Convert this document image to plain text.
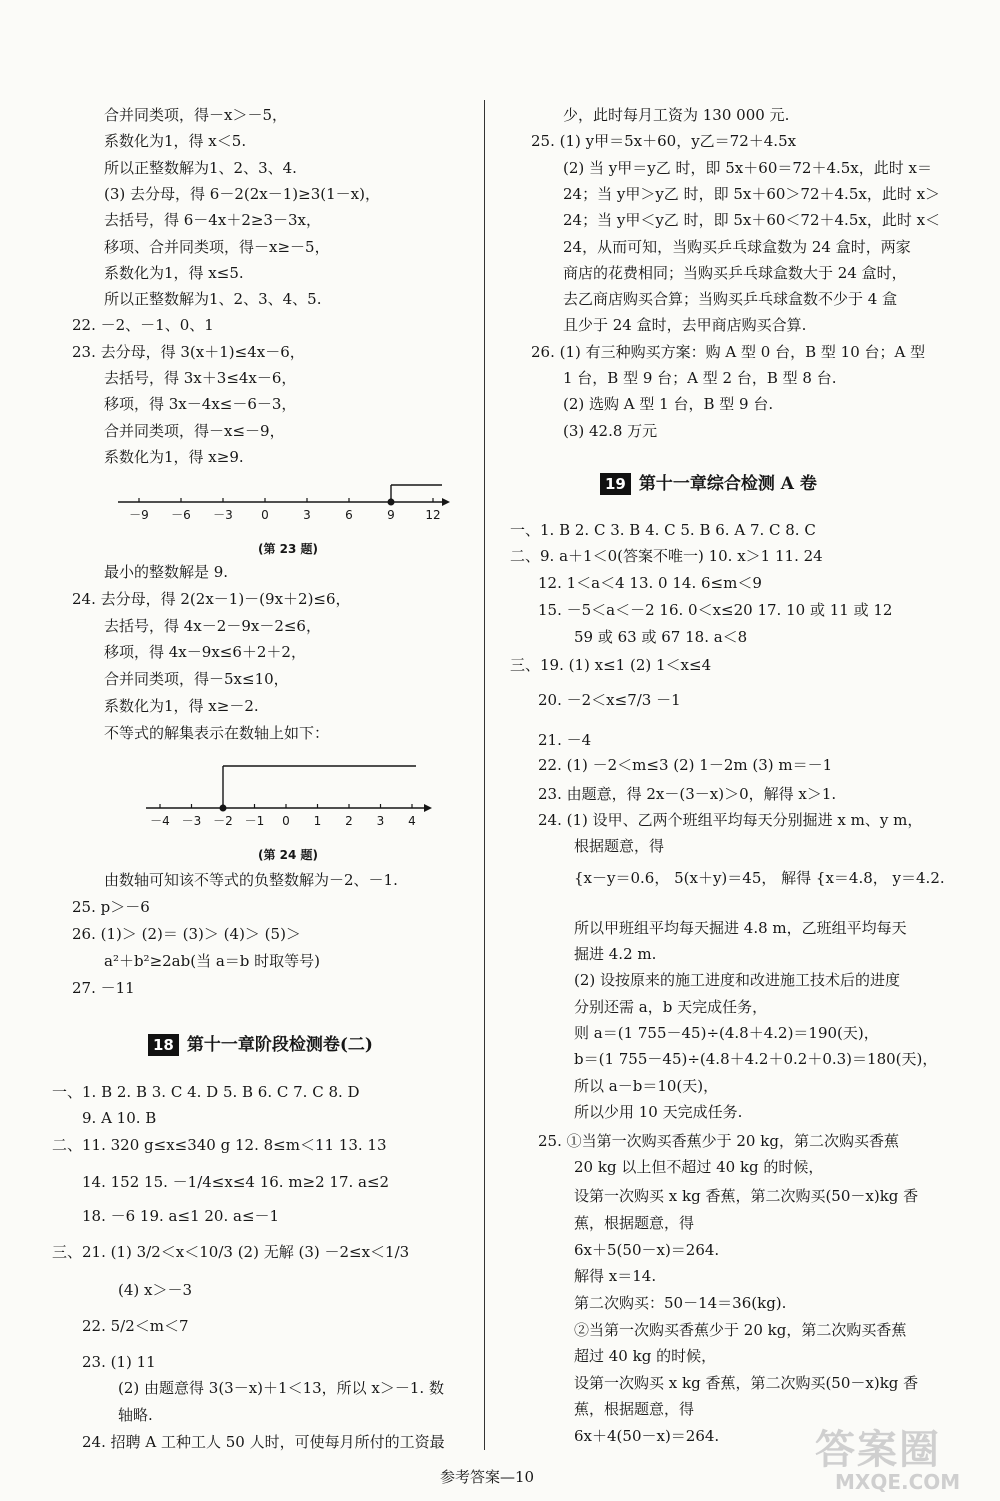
合并同类项，得－x＞－5，
系数化为1，得 x＜5.
所以正整数解为1、2、3、4.
(3) 去分母，得 6－2(2x－1)≥3(1－x)，
去括号，得 6－4x＋2≥3－3x，
移项、合并同类项，得－x≥－5，
系数化为1，得 x≤5.
所以正整数解为1、2、3、4、5.
22. －2、－1、0、1
23. 去分母，得 3(x＋1)≤4x－6，
去括号，得 3x＋3≤4x－6，
移项，得 3x－4x≤－6－3，
合并同类项，得－x≤－9，
系数化为1，得 x≥9.
最小的整数解是 9.
24. 去分母，得 2(2x－1)－(9x＋2)≤6，
去括号，得 4x－2－9x－2≤6，
移项，得 4x－9x≤6＋2＋2，
合并同类项，得－5x≤10，
系数化为1，得 x≥－2.
不等式的解集表示在数轴上如下：
由数轴可知该不等式的负整数解为－2、－1.
25. p＞－6
26. (1)＞ (2)＝ (3)＞ (4)＞ (5)＞
a²＋b²≥2ab(当 a＝b 时取等号)
27. －11
一、1. B 2. B 3. C 4. D 5. B 6. C 7. C 8. D
9. A 10. B
二、11. 320 g≤x≤340 g 12. 8≤m＜11 13. 13
14. 152 15. －1/4≤x≤4 16. m≥2 17. a≤2
18. －6 19. a≤1 20. a≤－1
三、21. (1) 3/2＜x＜10/3 (2) 无解 (3) －2≤x＜1/3
(4) x＞－3
22. 5/2＜m＜7
23. (1) 11
(2) 由题意得 3(3－x)＋1＜13，所以 x＞－1. 数
轴略.
24. 招聘 A 工种工人 50 人时，可使每月所付的工资最
－9 －6 －3 0	3	6	9	12
(第 23 题)
－4 －3 －2 －1 0 1 2 3 4
(第 24 题)
18 第十一章阶段检测卷(二)
少，此时每月工资为 130 000 元.
25. (1) y甲＝5x＋60，y乙＝72＋4.5x
(2) 当 y甲＝y乙 时，即 5x＋60＝72＋4.5x，此时 x＝
24；当 y甲＞y乙 时，即 5x＋60＞72＋4.5x，此时 x＞
24；当 y甲＜y乙 时，即 5x＋60＜72＋4.5x，此时 x＜
24，从而可知，当购买乒乓球盒数为 24 盒时，两家
商店的花费相同；当购买乒乓球盒数大于 24 盒时，
去乙商店购买合算；当购买乒乓球盒数不少于 4 盒
且少于 24 盒时，去甲商店购买合算.
26. (1) 有三种购买方案：购 A 型 0 台，B 型 10 台；A 型
1 台，B 型 9 台；A 型 2 台，B 型 8 台.
(2) 选购 A 型 1 台，B 型 9 台.
(3) 42.8 万元
一、1. B 2. C 3. B 4. C 5. B 6. A 7. C 8. C
二、9. a＋1＜0(答案不唯一) 10. x＞1 11. 24
12. 1＜a＜4 13. 0 14. 6≤m＜9
15. －5＜a＜－2 16. 0＜x≤20 17. 10 或 11 或 12
59 或 63 或 67 18. a＜8
三、19. (1) x≤1 (2) 1＜x≤4
20. －2＜x≤7/3 －1
21. －4
22. (1) －2＜m≤3 (2) 1－2m (3) m＝－1
23. 由题意，得 2x－(3－x)＞0，解得 x＞1.
24. (1) 设甲、乙两个班组平均每天分别掘进 x m、y m，
根据题意，得
{x－y＝0.6， 5(x＋y)＝45， 解得 {x＝4.8， y＝4.2.
所以甲班组平均每天掘进 4.8 m，乙班组平均每天
掘进 4.2 m.
(2) 设按原来的施工进度和改进施工技术后的进度
分别还需 a，b 天完成任务，
则 a＝(1 755－45)÷(4.8＋4.2)＝190(天)，
b＝(1 755－45)÷(4.8＋4.2＋0.2＋0.3)＝180(天)，
所以 a－b＝10(天)，
所以少用 10 天完成任务.
25. ①当第一次购买香蕉少于 20 kg，第二次购买香蕉
20 kg 以上但不超过 40 kg 的时候，
设第一次购买 x kg 香蕉，第二次购买(50－x)kg 香
蕉，根据题意，得
6x＋5(50－x)＝264.
解得 x＝14.
第二次购买：50－14＝36(kg).
②当第一次购买香蕉少于 20 kg，第二次购买香蕉
超过 40 kg 的时候，
设第一次购买 x kg 香蕉，第二次购买(50－x)kg 香
蕉，根据题意，得
6x＋4(50－x)＝264.
19 第十一章综合检测 A 卷
参考答案—10
答案圈
MXQE.COM
